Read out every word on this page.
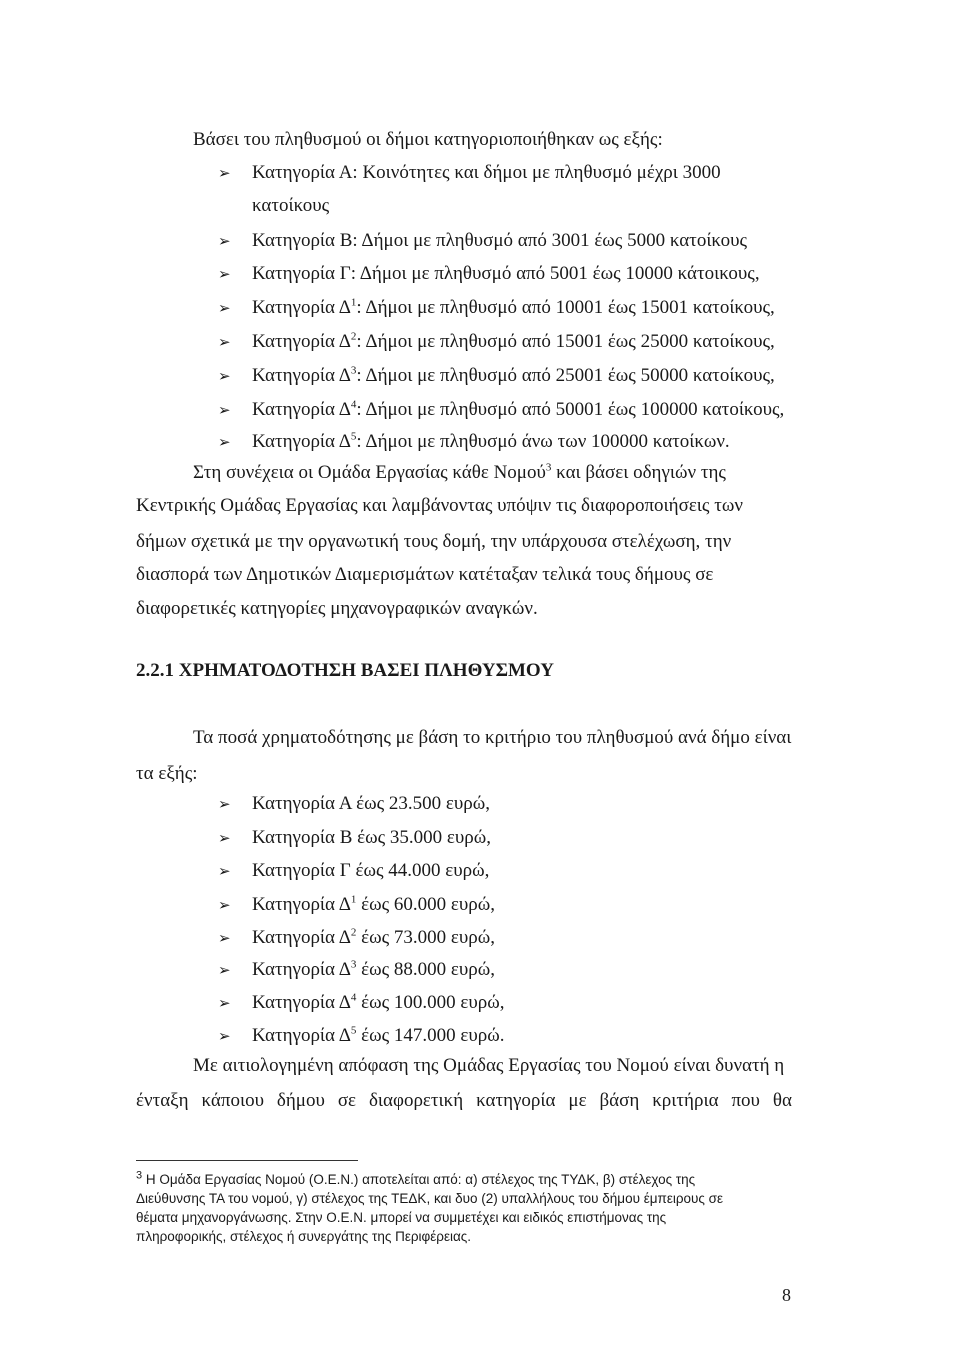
Βάσει του πληθυσμού οι δήμοι κατηγοριοποιήθηκαν ως εξής:
➢ Κατηγορία Α: Κοινότητες και δήμοι με πληθυσμό μέχρι 3000
κατοίκους
➢ Κατηγορία Β: Δήμοι με πληθυσμό από 3001 έως 5000 κατοίκους
➢ Κατηγορία Γ: Δήμοι με πληθυσμό από 5001 έως 10000 κάτοικους,
➢ Κατηγορία $\Delta^1$: Δήμοι με πληθυσμό από 10001 έως 15001 κατοίκους,
➢ Κατηγορία $\Delta^2$: Δήμοι με πληθυσμό από 15001 έως 25000 κατοίκους,
➢ Κατηγορία $\Delta^3$: Δήμοι με πληθυσμό από 25001 έως 50000 κατοίκους,
➢ Κατηγορία $\Delta^4$: Δήμοι με πληθυσμό από 50001 έως 100000 κατοίκους,
➢ Κατηγορία $\Delta^5$: Δήμοι με πληθυσμό άνω των 100000 κατοίκων.
Στη συνέχεια οι Ομάδα Εργασίας κάθε Νομού$^3$ και βάσει οδηγιών της
Κεντρικής Ομάδας Εργασίας και λαμβάνοντας υπόψιν τις διαφοροποιήσεις των
δήμων σχετικά με την οργανωτική τους δομή, την υπάρχουσα στελέχωση, την
διασπορά των Δημοτικών Διαμερισμάτων κατέταξαν τελικά τους δήμους σε
διαφορετικές κατηγορίες μηχανογραφικών αναγκών.
2.2.1 ΧΡΗΜΑΤΟΔΟΤΗΣΗ ΒΑΣΕΙ ΠΛΗΘΥΣΜΟΥ
Τα ποσά χρηματοδότησης με βάση το κριτήριο του πληθυσμού ανά δήμο είναι
τα εξής:
➢ Κατηγορία Α έως 23.500 ευρώ,
➢ Κατηγορία Β έως 35.000 ευρώ,
➢ Κατηγορία Γ έως 44.000 ευρώ,
➢ Κατηγορία $\Delta^1$ έως 60.000 ευρώ,
➢ Κατηγορία $\Delta^2$ έως 73.000 ευρώ,
➢ Κατηγορία $\Delta^3$ έως 88.000 ευρώ,
➢ Κατηγορία $\Delta^4$ έως 100.000 ευρώ,
➢ Κατηγορία $\Delta^5$ έως 147.000 ευρώ.
Με αιτιολογημένη απόφαση της Ομάδας Εργασίας του Νομού είναι δυνατή η
ένταξη κάποιου δήμου σε διαφορετική κατηγορία με βάση κριτήρια που θα
$^3$ Η Ομάδα Εργασίας Νομού (Ο.Ε.Ν.) αποτελείται από: α) στέλεχος της ΤΥΔΚ, β) στέλεχος της
Διεύθυνσης ΤΑ του νομού, γ) στέλεχος της ΤΕΔΚ, και δυο (2) υπαλλήλους του δήμου έμπειρους σε
θέματα μηχανοργάνωσης. Στην Ο.Ε.Ν. μπορεί να συμμετέχει και ειδικός επιστήμονας της
πληροφορικής, στέλεχος ή συνεργάτης της Περιφέρειας.
8
